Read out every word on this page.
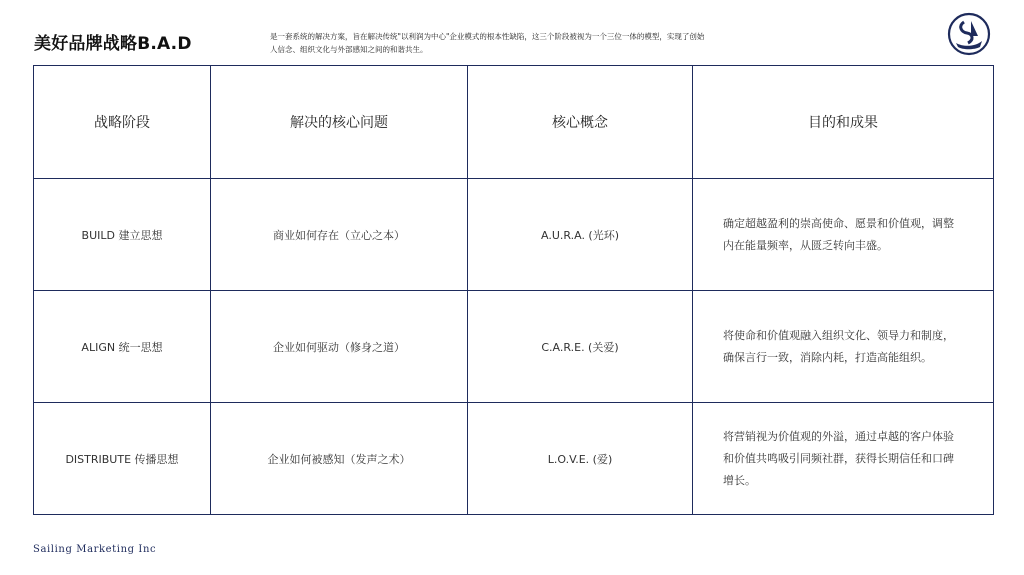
美好品牌战略B.A.D	是一套系统的解决方案，旨在解决传统"以利润为中心"企业模式的根本性缺陷，这三个阶段被视为一个三位一体的模型，实现了创始人信念、组织文化与外部感知之间的和谐共生。
战略阶段	解决的核心问题	核心概念	目的和成果
BUILD 建立思想	商业如何存在（立心之本）	A.U.R.A. (光环)	确定超越盈利的崇高使命、愿景和价值观，调整内在能量频率，从匮乏转向丰盛。
ALIGN 统一思想	企业如何驱动（修身之道）	C.A.R.E. (关爱)	将使命和价值观融入组织文化、领导力和制度，确保言行一致，消除内耗，打造高能组织。
DISTRIBUTE 传播思想	企业如何被感知（发声之术）	L.O.V.E. (爱)	将营销视为价值观的外溢，通过卓越的客户体验和价值共鸣吸引同频社群，获得长期信任和口碑增长。
Sailing Marketing Inc
